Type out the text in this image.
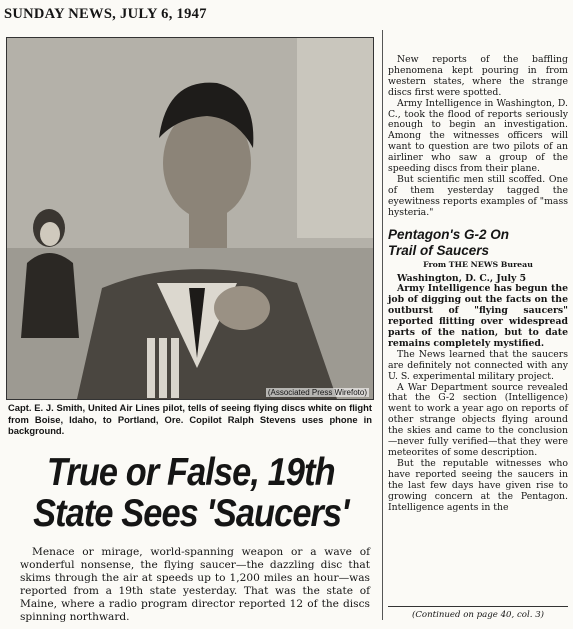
SUNDAY NEWS, JULY 6, 1947
(Associated Press Wirefoto)
Capt. E. J. Smith, United Air Lines pilot, tells of seeing flying discs white on flight from Boise, Idaho, to Portland, Ore. Copilot Ralph Stevens uses phone in background.
True or False, 19th
State Sees 'Saucers'
Menace or mirage, world-spanning weapon or a wave of wonderful nonsense, the flying saucer—the dazzling disc that skims through the air at speeds up to 1,200 miles an hour—was reported from a 19th state yesterday. That was the state of Maine, where a radio program director reported 12 of the discs spinning northward.

New reports of the baffling phenomena kept pouring in from western states, where the strange discs first were spotted.

Army Intelligence in Washington, D. C., took the flood of reports seriously enough to begin an investigation. Among the witnesses officers will want to question are two pilots of an airliner who saw a group of the speeding discs from their plane.

But scientific men still scoffed. One of them yesterday tagged the eyewitness reports examples of "mass hysteria."

Pentagon's G-2 On
Trail of Saucers
From THE NEWS Bureau

Washington, D. C., July 5

Army Intelligence has begun the job of digging out the facts on the outburst of "flying saucers" reported flitting over widespread parts of the nation, but to date remains completely mystified.

The News learned that the saucers are definitely not connected with any U. S. experimental military project.

A War Department source revealed that the G-2 section (Intelligence) went to work a year ago on reports of other strange objects flying around the skies and came to the conclusion—never fully verified—that they were meteorites of some description.

But the reputable witnesses who have reported seeing the saucers in the last few days have given rise to growing concern at the Pentagon. Intelligence agents in the

(Continued on page 40, col. 3)
